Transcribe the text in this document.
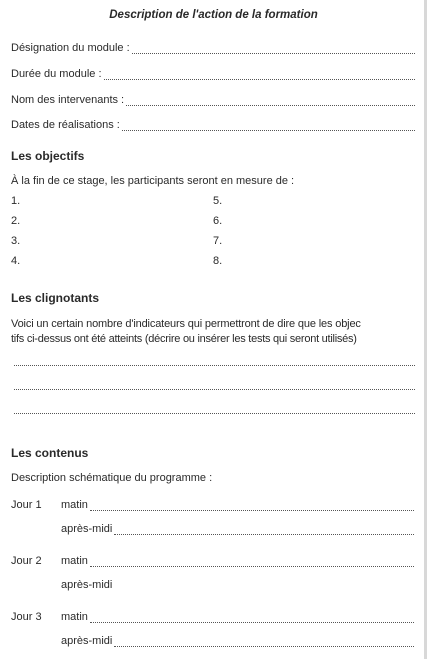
Description de l'action de la formation
Désignation du module :
Durée du module :
Nom des intervenants :
Dates de réalisations :
Les objectifs
À la fin de ce stage, les participants seront en mesure de :
1.
2.
3.
4.
5.
6.
7.
8.
Les clignotants
Voici un certain nombre d'indicateurs qui permettront de dire que les objec
tifs ci-dessus ont été atteints (décrire ou insérer les tests qui seront utilisés)
Les contenus
Description schématique du programme :
Jour 1 matin
après-midi
Jour 2 matin
après-midi
Jour 3 matin
après-midi
